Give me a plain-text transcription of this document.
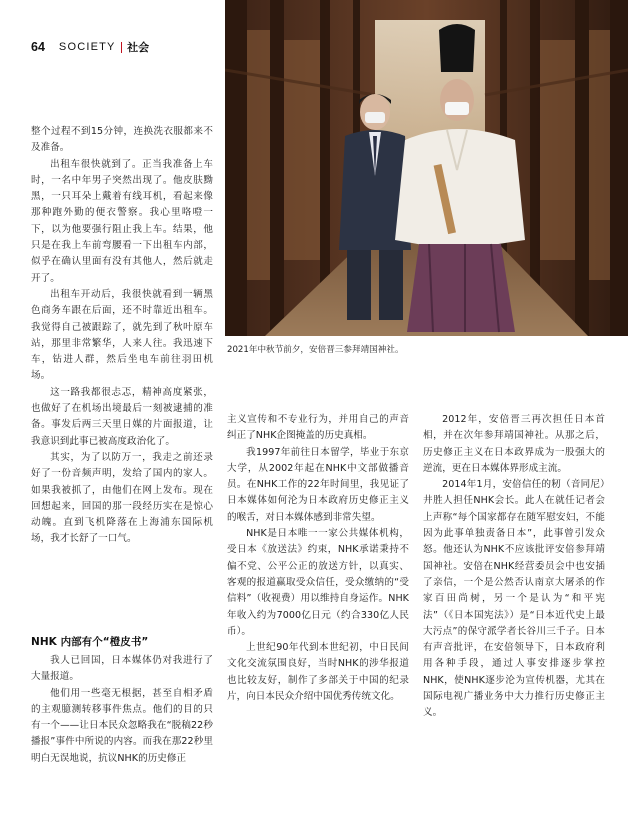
64 SOCIETY 社会
2021年中秋节前夕，安倍晋三参拜靖国神社。

整个过程不到15分钟，连换洗衣服都来不及准备。

出租车很快就到了。正当我准备上车时，一名中年男子突然出现了。他皮肤黝黑，一只耳朵上戴着有线耳机，看起来像那种跑外勤的便衣警察。我心里咯噔一下，以为他要强行阻止我上车。结果，他只是在我上车前弯腰看一下出租车内部，似乎在确认里面有没有其他人，然后就走开了。

出租车开动后，我很快就看到一辆黑色商务车跟在后面，还不时靠近出租车。我觉得自己被跟踪了，就先到了秋叶原车站，那里非常繁华，人来人往。我迅速下车，钻进人群，然后坐电车前往羽田机场。

这一路我都很忐忑，精神高度紧张，也做好了在机场出境最后一刻被逮捕的准备。事发后两三天里日媒的片面报道，让我意识到此事已被高度政治化了。

其实，为了以防万一，我走之前还录好了一份音频声明，发给了国内的家人。如果我被抓了，由他们在网上发布。现在回想起来，回国的那一段经历实在是惊心动魄。直到飞机降落在上海浦东国际机场，我才长舒了一口气。

NHK 内部有个“橙皮书”

我人已回国，日本媒体仍对我进行了大量报道。

他们用一些毫无根据，甚至自相矛盾的主观臆测转移事件焦点。他们的目的只有一个——让日本民众忽略我在“脱稿22秒播报”事件中所说的内容。而我在那22秒里明白无误地说，抗议NHK的历史修正

主义宣传和不专业行为，并用自己的声音纠正了NHK企图掩盖的历史真相。

我1997年前往日本留学，毕业于东京大学，从2002年起在NHK中文部做播音员。在NHK工作的22年时间里，我见证了日本媒体如何沦为日本政府历史修正主义的喉舌，对日本媒体感到非常失望。

NHK是日本唯一一家公共媒体机构，受日本《放送法》约束，NHK承诺秉持不偏不党、公平公正的放送方针，以真实、客观的报道赢取受众信任，受众缴纳的“受信料”（收视费）用以维持自身运作。NHK年收入约为7000亿日元（约合330亿人民币）。

上世纪90年代到本世纪初，中日民间文化交流氛围良好，当时NHK的涉华报道也比较友好，制作了多部关于中国的纪录片，向日本民众介绍中国优秀传统文化。

2012年，安倍晋三再次担任日本首相，并在次年参拜靖国神社。从那之后，历史修正主义在日本政界成为一股强大的逆流，更在日本媒体界形成主流。

2014年1月，安倍信任的籾（音同尼）井胜人担任NHK会长。此人在就任记者会上声称“每个国家都存在随军慰安妇，不能因为此事单独责备日本”，此事曾引发众怒。他还认为NHK不应该批评安倍参拜靖国神社。安倍在NHK经营委员会中也安插了亲信，一个是公然否认南京大屠杀的作家百田尚树，另一个是认为“和平宪法”（《日本国宪法》）是“日本近代史上最大污点”的保守派学者长谷川三千子。日本有声音批评，在安倍领导下，日本政府利用各种手段，通过人事安排逐步掌控NHK，使NHK逐步沦为宣传机器，尤其在国际电视广播业务中大力推行历史修正主义。
